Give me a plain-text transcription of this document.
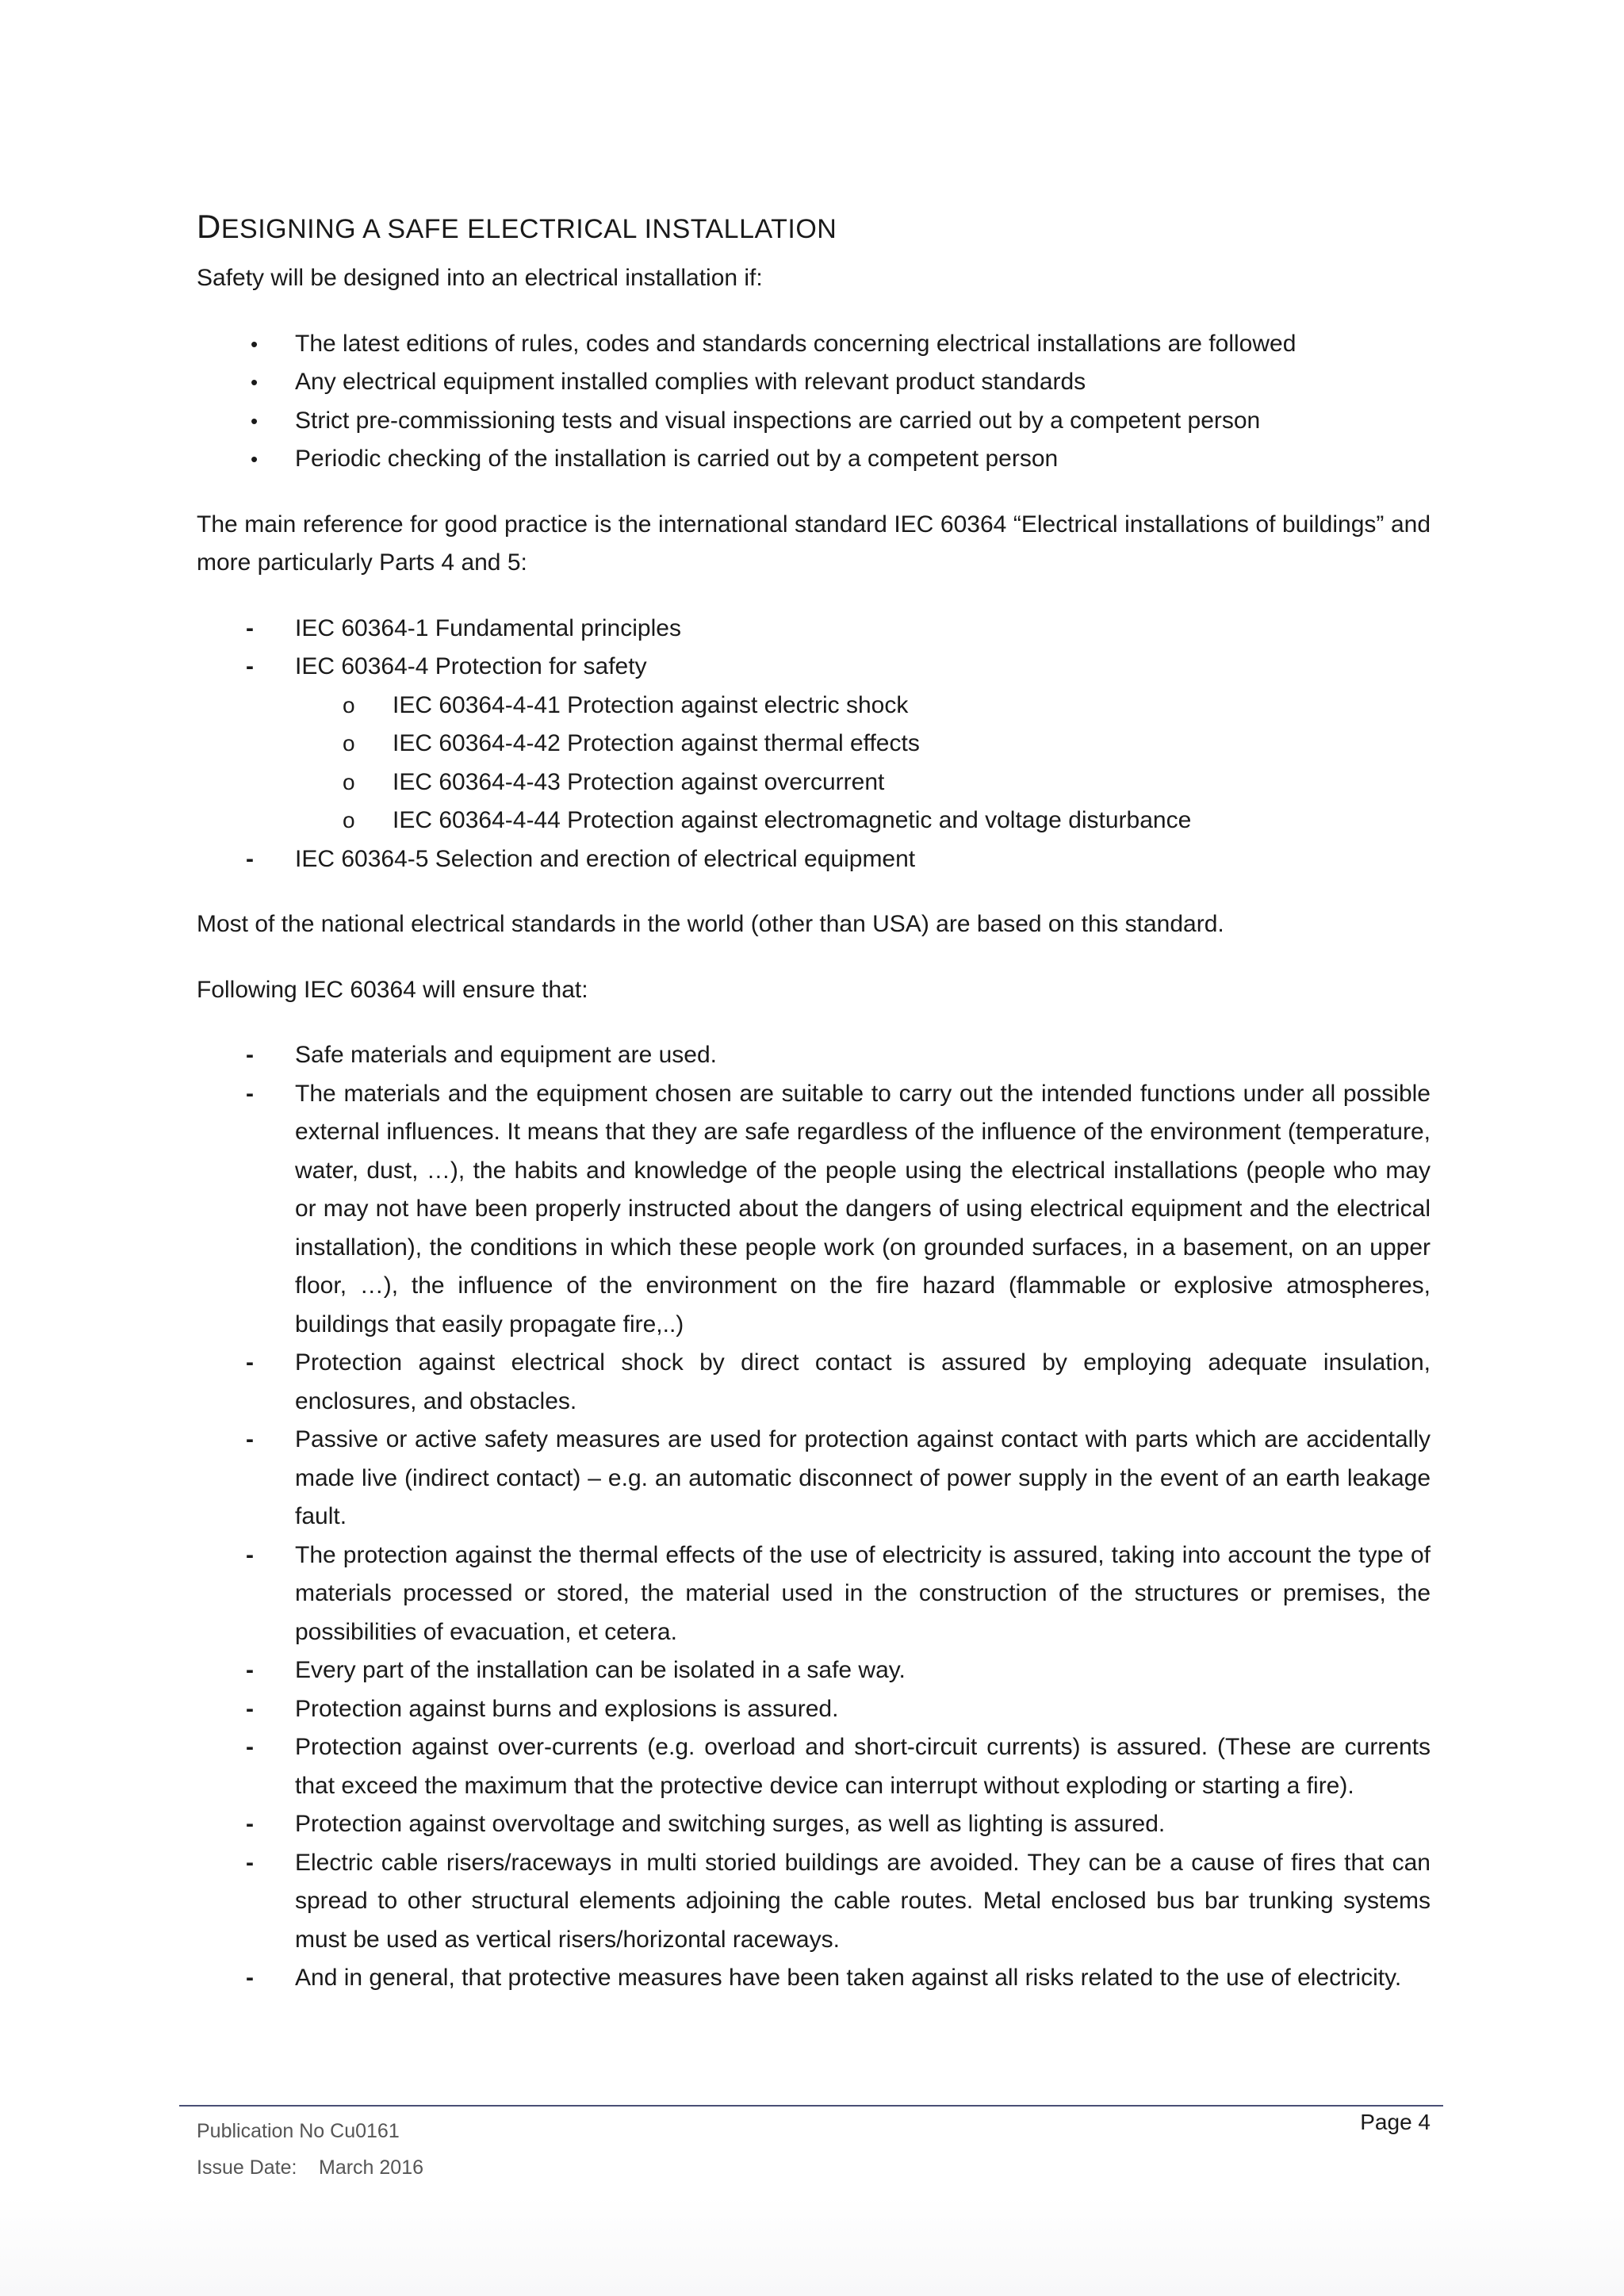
DESIGNING A SAFE ELECTRICAL INSTALLATION

Safety will be designed into an electrical installation if:

• The latest editions of rules, codes and standards concerning electrical installations are followed
• Any electrical equipment installed complies with relevant product standards
• Strict pre-commissioning tests and visual inspections are carried out by a competent person
• Periodic checking of the installation is carried out by a competent person

The main reference for good practice is the international standard IEC 60364 “Electrical installations of buildings” and more particularly Parts 4 and 5:

- IEC 60364-1 Fundamental principles
- IEC 60364-4 Protection for safety
o IEC 60364-4-41 Protection against electric shock
o IEC 60364-4-42 Protection against thermal effects
o IEC 60364-4-43 Protection against overcurrent
o IEC 60364-4-44 Protection against electromagnetic and voltage disturbance
- IEC 60364-5 Selection and erection of electrical equipment

Most of the national electrical standards in the world (other than USA) are based on this standard.

Following IEC 60364 will ensure that:

- Safe materials and equipment are used.
- The materials and the equipment chosen are suitable to carry out the intended functions under all possible external influences. It means that they are safe regardless of the influence of the environment (temperature, water, dust, …), the habits and knowledge of the people using the electrical installations (people who may or may not have been properly instructed about the dangers of using electrical equipment and the electrical installation), the conditions in which these people work (on grounded surfaces, in a basement, on an upper floor, …), the influence of the environment on the fire hazard (flammable or explosive atmospheres, buildings that easily propagate fire,..)
- Protection against electrical shock by direct contact is assured by employing adequate insulation, enclosures, and obstacles.
- Passive or active safety measures are used for protection against contact with parts which are accidentally made live (indirect contact) – e.g. an automatic disconnect of power supply in the event of an earth leakage fault.
- The protection against the thermal effects of the use of electricity is assured, taking into account the type of materials processed or stored, the material used in the construction of the structures or premises, the possibilities of evacuation, et cetera.
- Every part of the installation can be isolated in a safe way.
- Protection against burns and explosions is assured.
- Protection against over-currents (e.g. overload and short-circuit currents) is assured. (These are currents that exceed the maximum that the protective device can interrupt without exploding or starting a fire).
- Protection against overvoltage and switching surges, as well as lighting is assured.
- Electric cable risers/raceways in multi storied buildings are avoided. They can be a cause of fires that can spread to other structural elements adjoining the cable routes. Metal enclosed bus bar trunking systems must be used as vertical risers/horizontal raceways.
- And in general, that protective measures have been taken against all risks related to the use of electricity.
Publication No Cu0161
Issue Date: March 2016
Page 4
